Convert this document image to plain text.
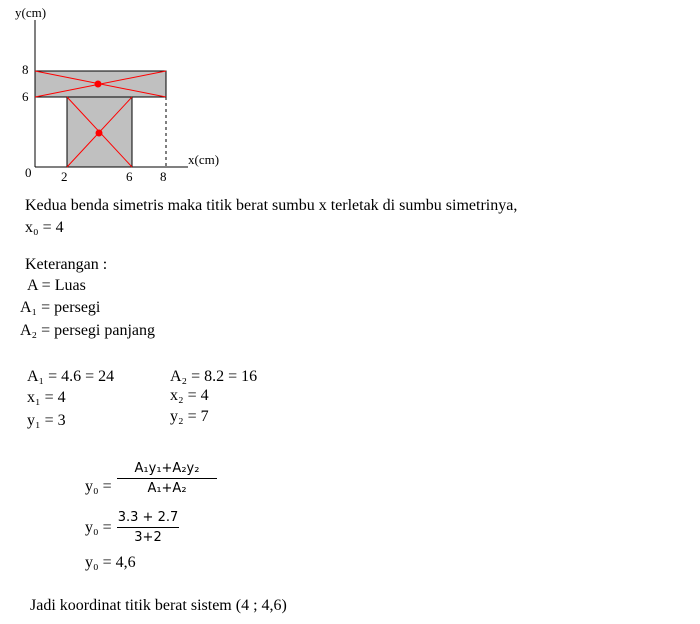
y(cm)
x(cm)
8
6
0 2	6 8
Kedua benda simetris maka titik berat sumbu x terletak di sumbu simetrinya,
x₀ = 4
Keterangan :
A = Luas
A₁ = persegi
A₂ = persegi panjang
A₁ = 4.6 = 24
x₁ = 4
y₁ = 3
A₂ = 8.2 = 16
x₂ = 4
y₂ = 7
y₀ =
A₁y₁+A₂y₂
A₁+A₂
y₀ =
3.3 + 2.7
3+2
y₀ = 4,6
Jadi koordinat titik berat sistem (4 ; 4,6)
